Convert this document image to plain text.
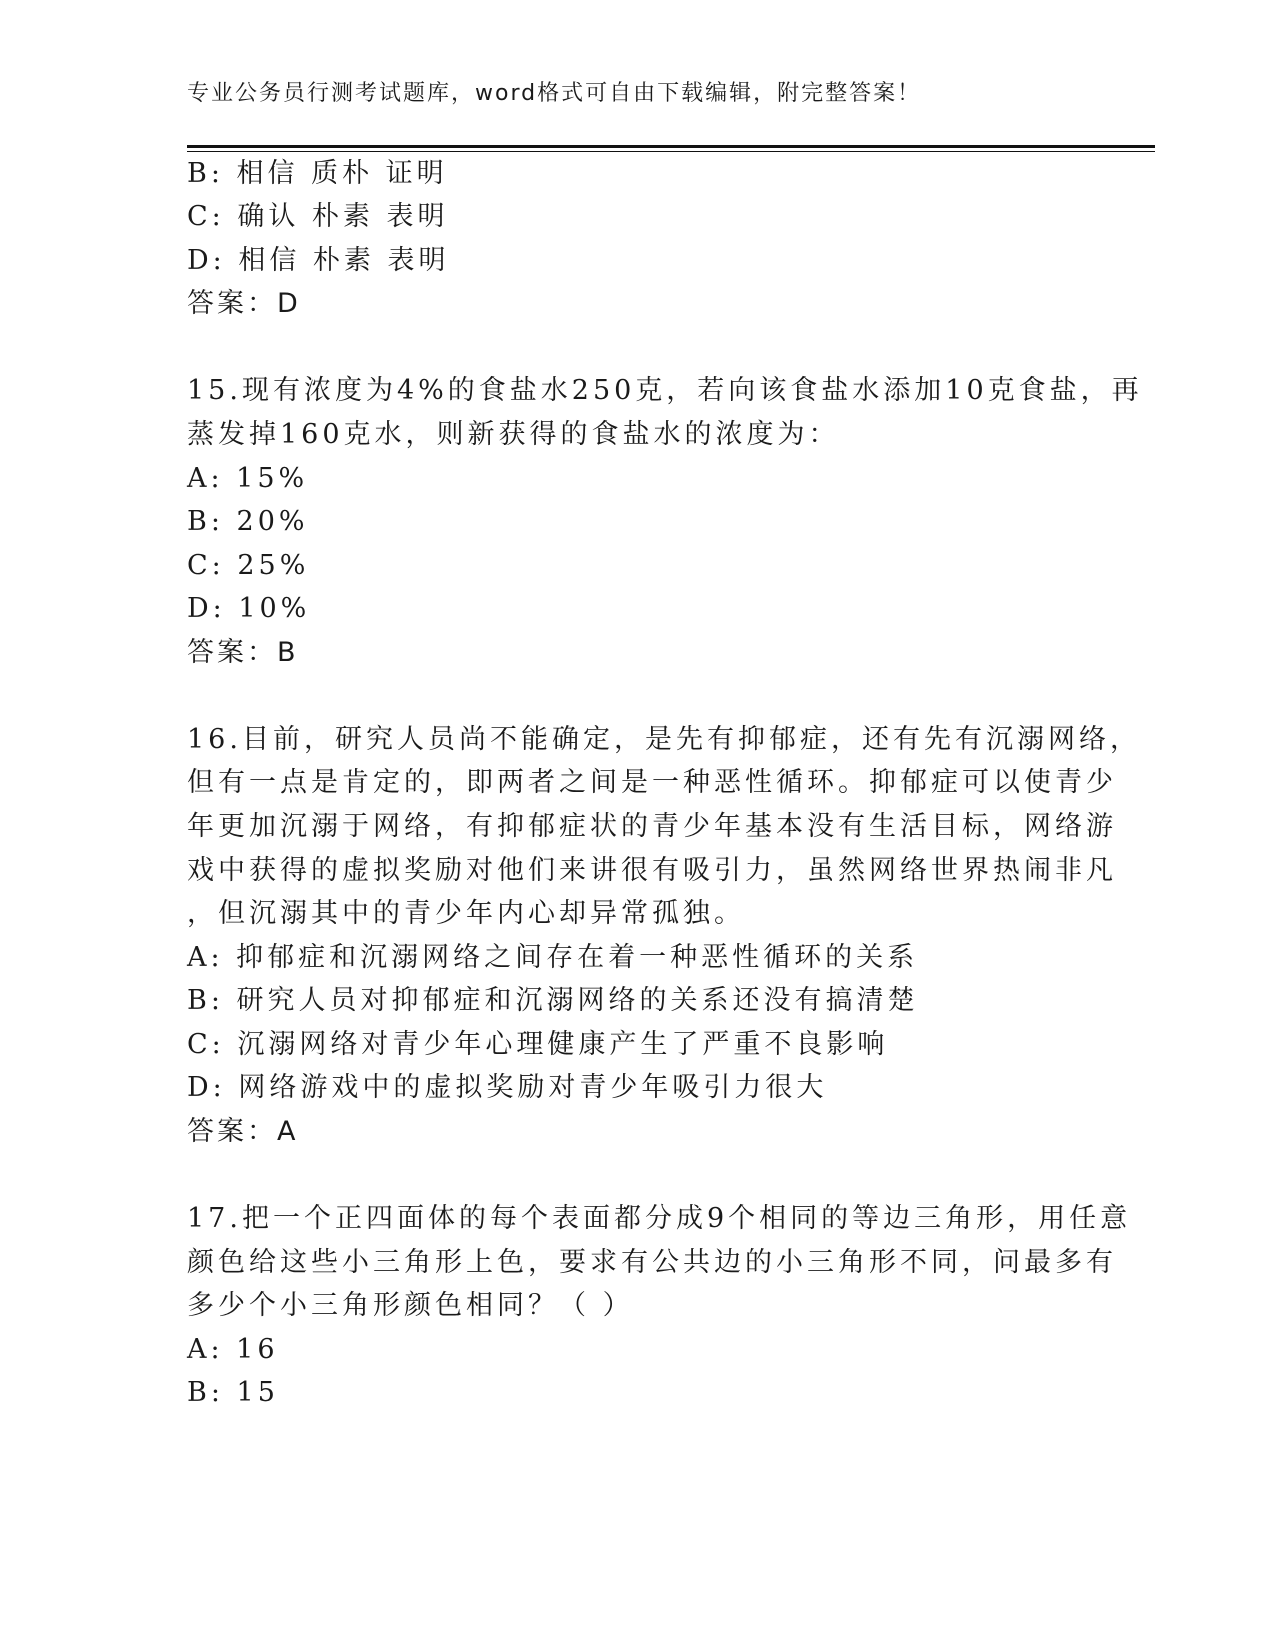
专业公务员行测考试题库，word格式可自由下载编辑，附完整答案！
B: 相信 质朴 证明
C: 确认 朴素 表明
D: 相信 朴素 表明
答案：D
15.现有浓度为4%的食盐水250克，若向该食盐水添加10克食盐，再
蒸发掉160克水，则新获得的食盐水的浓度为：
A: 15%
B: 20%
C: 25%
D: 10%
答案：B
16.目前，研究人员尚不能确定，是先有抑郁症，还有先有沉溺网络，
但有一点是肯定的，即两者之间是一种恶性循环。抑郁症可以使青少
年更加沉溺于网络，有抑郁症状的青少年基本没有生活目标，网络游
戏中获得的虚拟奖励对他们来讲很有吸引力，虽然网络世界热闹非凡
，但沉溺其中的青少年内心却异常孤独。
A: 抑郁症和沉溺网络之间存在着一种恶性循环的关系
B: 研究人员对抑郁症和沉溺网络的关系还没有搞清楚
C: 沉溺网络对青少年心理健康产生了严重不良影响
D: 网络游戏中的虚拟奖励对青少年吸引力很大
答案：A
17.把一个正四面体的每个表面都分成9个相同的等边三角形，用任意
颜色给这些小三角形上色，要求有公共边的小三角形不同，问最多有
多少个小三角形颜色相同？（ ）
A: 16
B: 15
